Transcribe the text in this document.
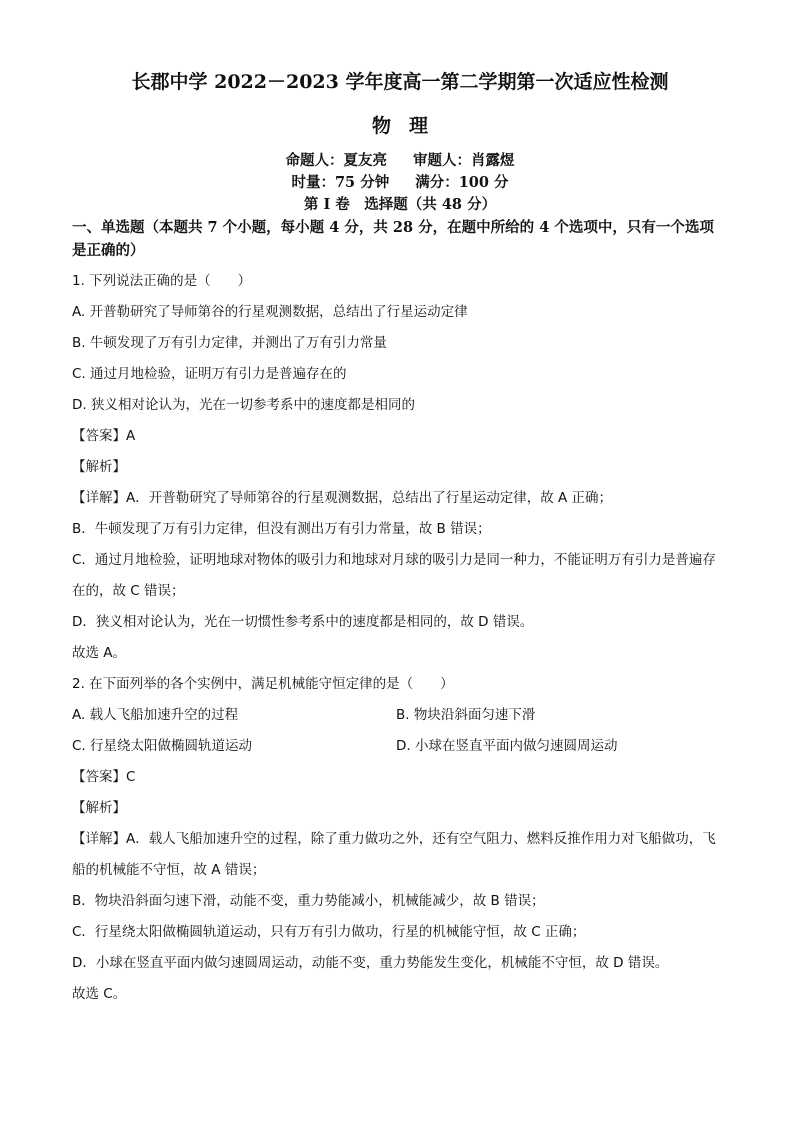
长郡中学 2022－2023 学年度高一第二学期第一次适应性检测
物 理

命题人：夏友亮 审题人：肖露煜

时量：75 分钟 满分：100 分

第 I 卷　选择题（共 48 分）

一、单选题（本题共 7 个小题，每小题 4 分，共 28 分，在题中所给的 4 个选项中，只有一个选项是正确的）

1. 下列说法正确的是（　　）

A. 开普勒研究了导师第谷的行星观测数据，总结出了行星运动定律

B. 牛顿发现了万有引力定律，并测出了万有引力常量

C. 通过月地检验，证明万有引力是普遍存在的

D. 狭义相对论认为，光在一切参考系中的速度都是相同的

【答案】A

【解析】

【详解】A．开普勒研究了导师第谷的行星观测数据，总结出了行星运动定律，故 A 正确；

B．牛顿发现了万有引力定律，但没有测出万有引力常量，故 B 错误；

C．通过月地检验，证明地球对物体的吸引力和地球对月球的吸引力是同一种力，不能证明万有引力是普遍存在的，故 C 错误；

D．狭义相对论认为，光在一切惯性参考系中的速度都是相同的，故 D 错误。

故选 A。

2. 在下面列举的各个实例中，满足机械能守恒定律的是（　　）

A. 载人飞船加速升空的过程	B. 物块沿斜面匀速下滑
C. 行星绕太阳做椭圆轨道运动	D. 小球在竖直平面内做匀速圆周运动

【答案】C

【解析】

【详解】A．载人飞船加速升空的过程，除了重力做功之外，还有空气阻力、燃料反推作用力对飞船做功，飞船的机械能不守恒，故 A 错误；

B．物块沿斜面匀速下滑，动能不变，重力势能减小，机械能减少，故 B 错误；

C．行星绕太阳做椭圆轨道运动，只有万有引力做功，行星的机械能守恒，故 C 正确；

D．小球在竖直平面内做匀速圆周运动，动能不变，重力势能发生变化，机械能不守恒，故 D 错误。

故选 C。
